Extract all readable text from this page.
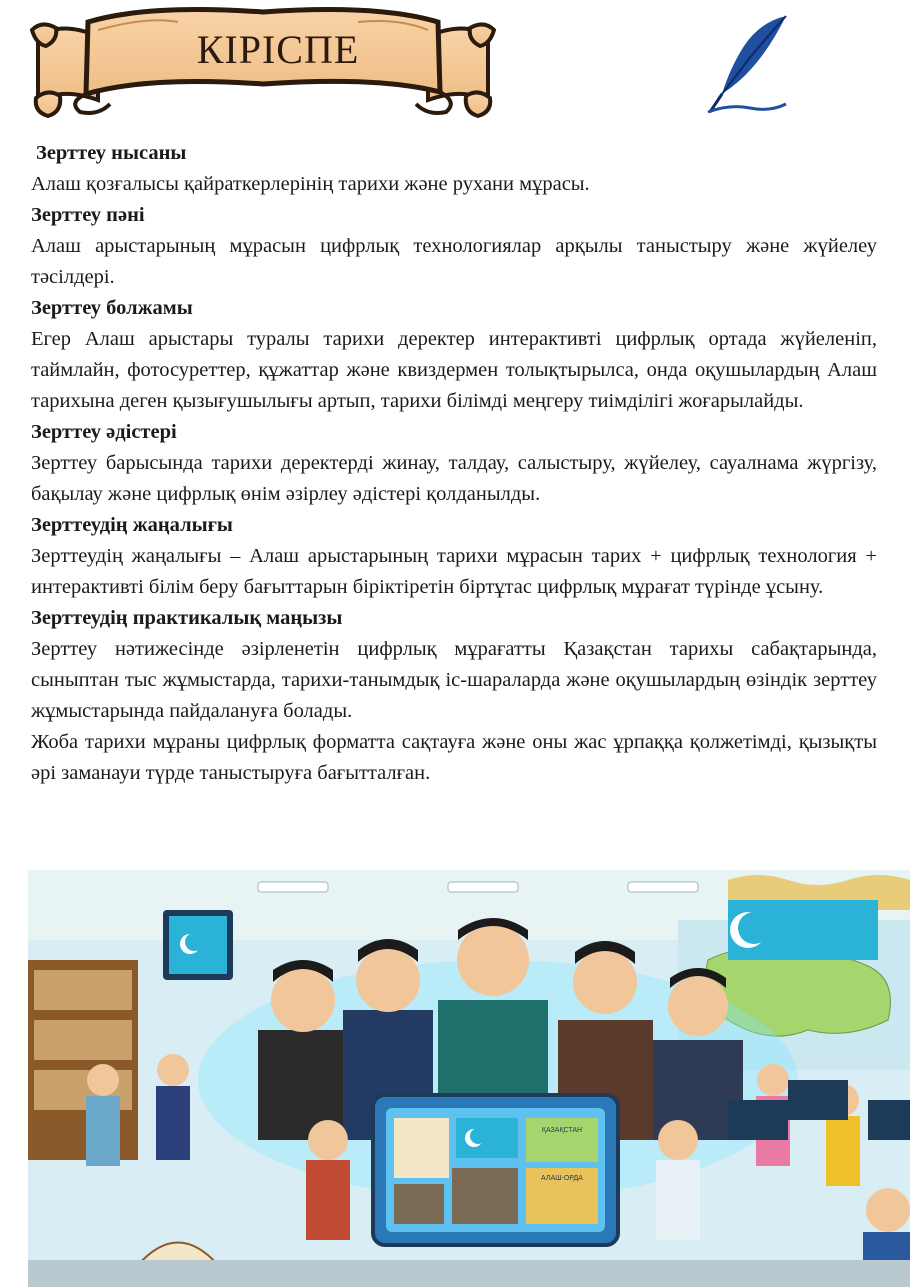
КІРІСПЕ
Зерттеу нысаны

Алаш қозғалысы қайраткерлерінің тарихи және рухани мұрасы.

Зерттеу пәні

Алаш арыстарының мұрасын цифрлық технологиялар арқылы таныстыру және жүйелеу тәсілдері.

Зерттеу болжамы

Егер Алаш арыстары туралы тарихи деректер интерактивті цифрлық ортада жүйеленіп, таймлайн, фотосуреттер, құжаттар және квиздермен толықтырылса, онда оқушылардың Алаш тарихына деген қызығушылығы артып, тарихи білімді меңгеру тиімділігі жоғарылайды.

Зерттеу әдістері

Зерттеу барысында тарихи деректерді жинау, талдау, салыстыру, жүйелеу, сауалнама жүргізу, бақылау және цифрлық өнім әзірлеу әдістері қолданылды.

Зерттеудің жаңалығы

Зерттеудің жаңалығы – Алаш арыстарының тарихи мұрасын тарих + цифрлық технология + интерактивті білім беру бағыттарын біріктіретін біртұтас цифрлық мұрағат түрінде ұсыну.

Зерттеудің практикалық маңызы

Зерттеу нәтижесінде әзірленетін цифрлық мұрағатты Қазақстан тарихы сабақтарында, сыныптан тыс жұмыстарда, тарихи-танымдық іс-шараларда және оқушылардың өзіндік зерттеу жұмыстарында пайдалануға болады.

Жоба тарихи мұраны цифрлық форматта сақтауға және оны жас ұрпаққа қолжетімді, қызықты әрі заманауи түрде таныстыруға бағытталған.

ҚАЗАҚСТАН
АЛАШ-ОРДА
